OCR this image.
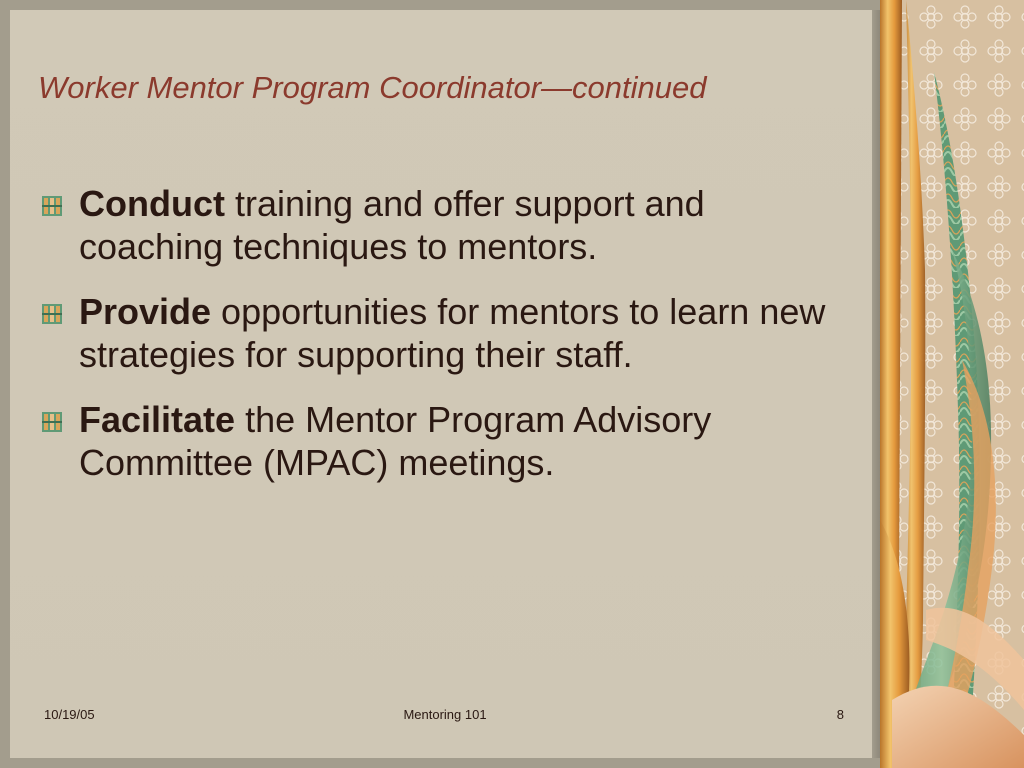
Worker Mentor Program Coordinator—continued
Conduct training and offer support and coaching techniques to mentors.
Provide opportunities for mentors to learn new strategies for supporting their staff.
Facilitate the Mentor Program Advisory Committee (MPAC) meetings.
10/19/05	Mentoring 101	8
